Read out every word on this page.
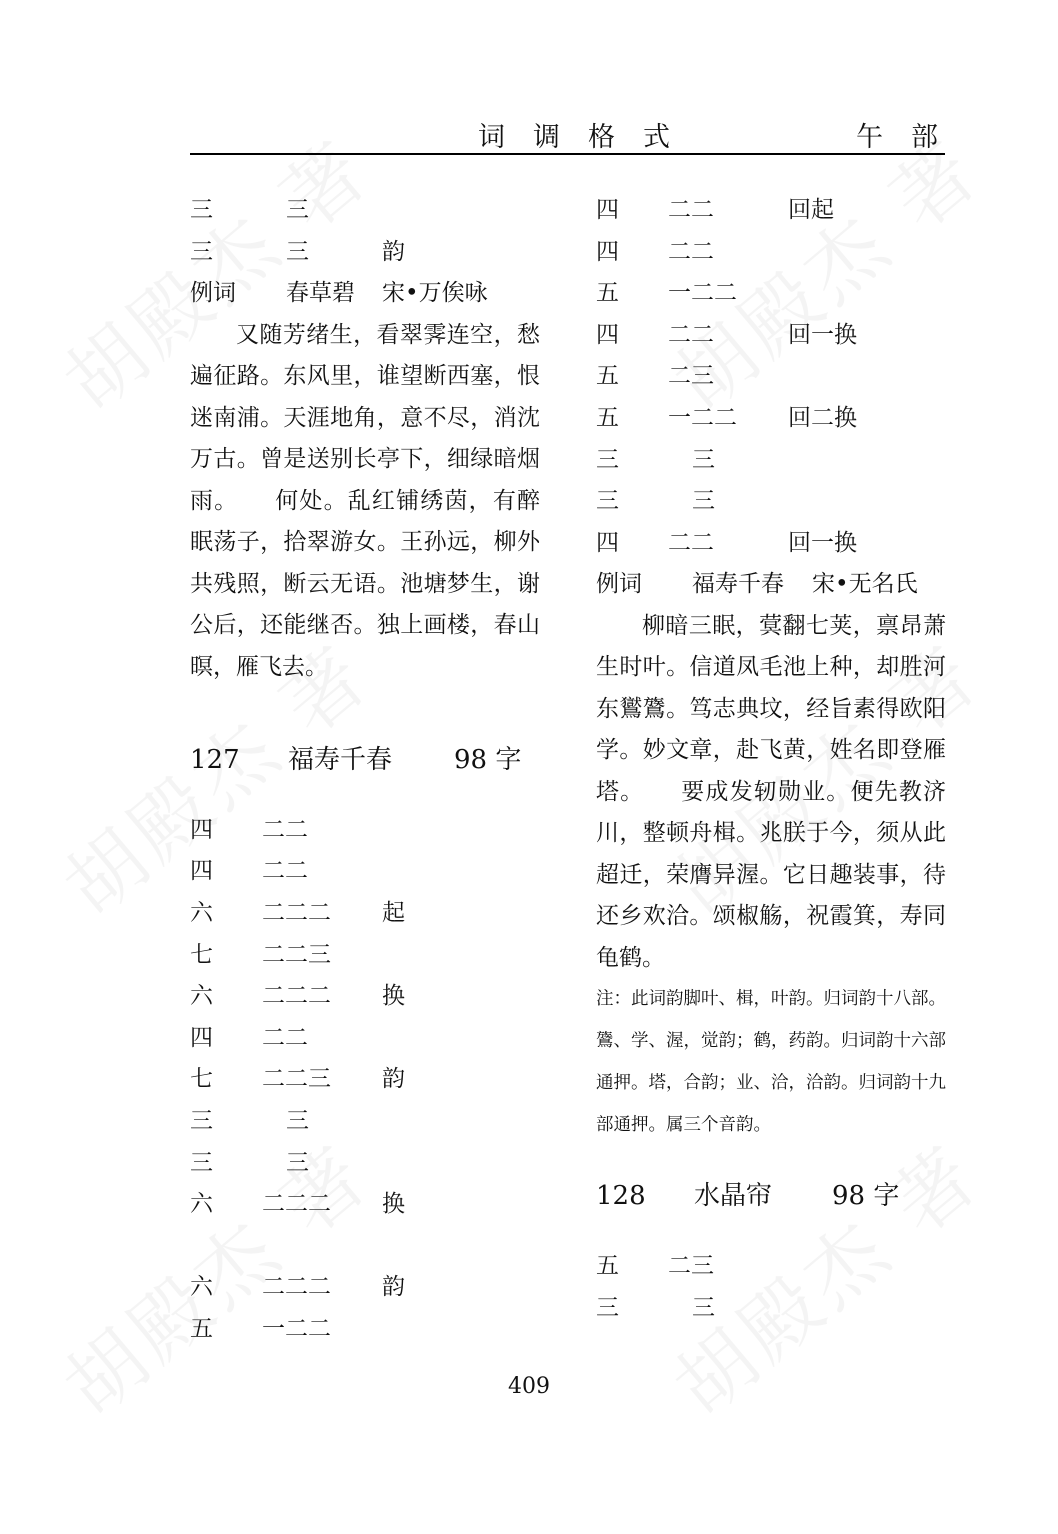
词调格式	午部
三	三
三	三	韵
例词 春草碧 宋•万俟咏

又随芳绪生，看翠霁连空，愁遍征路。东风里，谁望断西塞，恨迷南浦。天涯地角，意不尽，消沈万古。曾是送别长亭下，细绿暗烟雨。　　何处。乱红铺绣茵，有醉眠荡子，拾翠游女。王孙远，柳外共残照，断云无语。池塘梦生，谢公后，还能继否。独上画楼，春山暝，雁飞去。

127 福寿千春 98 字
四 二二
四 二二
六 二二二 起
七 二二三
六 二二二 换
四 二二
七 二二三 韵
三	三
三	三
六 二二二 换
六 二二二 韵
五 一二二
四 二二	回起
四 二二
五 一二二
四 二二	回一换
五 二三
五 一二二 回二换
三	三
三	三
四 二二	回一换
例词 福寿千春 宋•无名氏

柳暗三眠，蓂翻七荚，禀昂萧生时叶。信道凤毛池上种，却胜河东鸑鷟。笃志典坟，经旨素得欧阳学。妙文章，赴飞黄，姓名即登雁塔。　　要成发轫勋业。便先教济川，整顿舟楫。兆朕于今，须从此超迁，荣膺异渥。它日趣装事，待还乡欢洽。颂椒觞，祝霞箕，寿同龟鹤。

注：此词韵脚叶、楫，叶韵。归词韵十八部。鷟、学、渥，觉韵；鹤，药韵。归词韵十六部通押。塔，合韵；业、洽，洽韵。归词韵十九部通押。属三个音韵。

128 水晶帘 98 字
五 二三
三	三
409
